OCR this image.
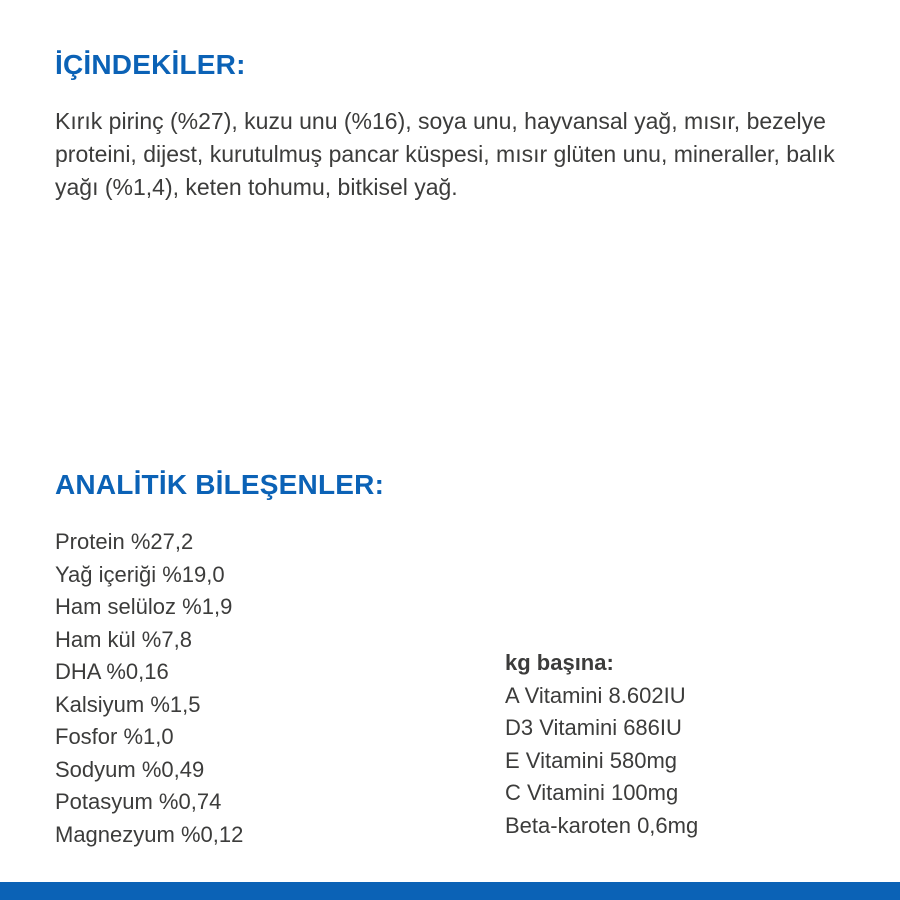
İÇİNDEKİLER:

Kırık pirinç (%27), kuzu unu (%16), soya unu, hayvansal yağ, mısır, bezelye proteini, dijest, kurutulmuş pancar küspesi, mısır glüten unu, mineraller, balık yağı (%1,4), keten tohumu, bitkisel yağ.

ANALİTİK BİLEŞENLER:
Protein %27,2
Yağ içeriği %19,0
Ham selüloz %1,9
Ham kül %7,8
DHA %0,16
Kalsiyum %1,5
Fosfor %1,0
Sodyum %0,49
Potasyum %0,74
Magnezyum %0,12
kg başına:
A Vitamini 8.602IU
D3 Vitamini 686IU
E Vitamini 580mg
C Vitamini 100mg
Beta-karoten 0,6mg
